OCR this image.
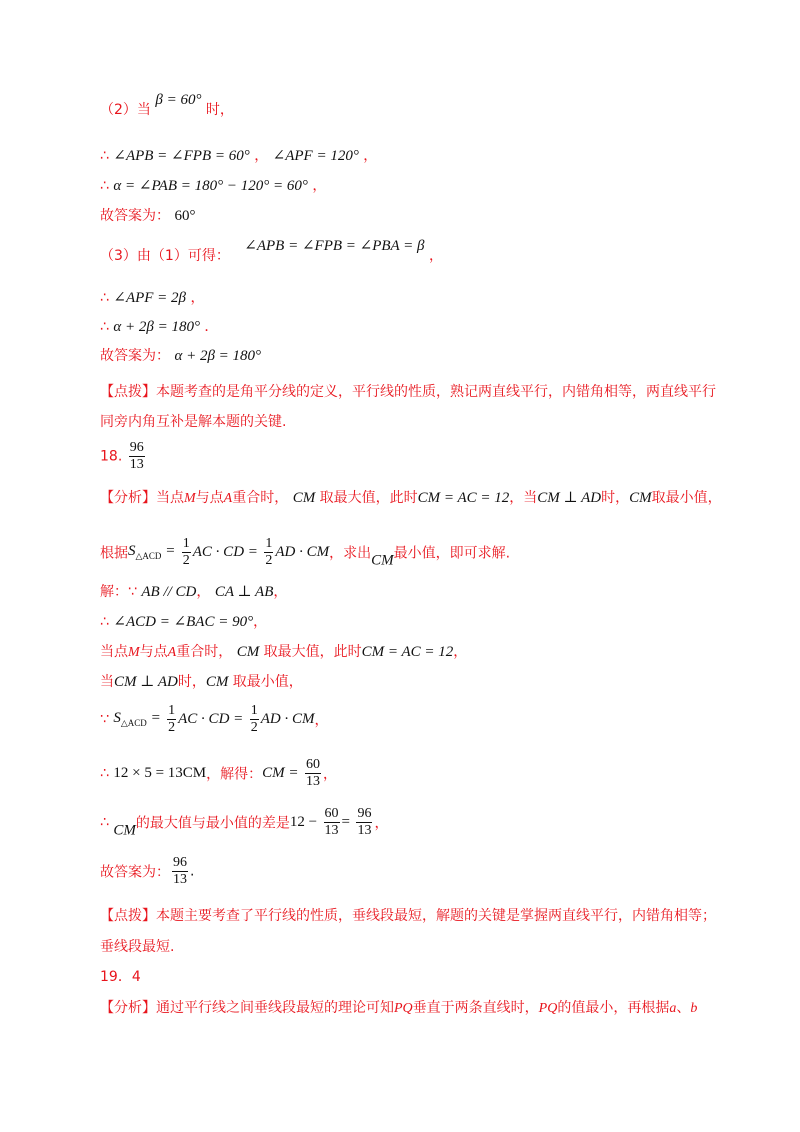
（2）当 β = 60° 时，
∴ ∠APB = ∠FPB = 60° ， ∠APF = 120° ，
∴ α = ∠PAB = 180° − 120° = 60° ，
故答案为： 60°
（3）由（1）可得： ∠APB = ∠FPB = ∠PBA = β ，
∴ ∠APF = 2β ，
∴ α + 2β = 180° ．
故答案为： α + 2β = 180°
【点拨】本题考查的是角平分线的定义，平行线的性质，熟记两直线平行，内错角相等，两直线平行
同旁内角互补是解本题的关键.
18. $\frac{96}{13}$
【分析】当点M与点A重合时， CM 取最大值，此时CM = AC = 12，当CM ⊥ AD时，CM取最小值，
根据$S_{\triangle ACD} = \frac{1}{2}$ AC · CD = $\frac{1}{2}$ AD · CM，求出CM最小值，即可求解.
解：∵ AB // CD， CA ⊥ AB，
∴ ∠ACD = ∠BAC = 90°，
当点M与点A重合时， CM 取最大值，此时CM = AC = 12，
当CM ⊥ AD时，CM 取最小值，
∵ $S_{\triangle ACD} = \frac{1}{2}$ AC · CD = $\frac{1}{2}$ AD · CM，
∴ 12 × 5 = 13CM，解得：CM = $\frac{60}{13}$ ，
∴ CM的最大值与最小值的差是$12 - \frac{60}{13} = \frac{96}{13}$ ，
故答案为： $\frac{96}{13}$ .
【点拨】本题主要考查了平行线的性质，垂线段最短，解题的关键是掌握两直线平行，内错角相等；
垂线段最短.
19．4
【分析】通过平行线之间垂线段最短的理论可知PQ垂直于两条直线时，PQ的值最小，再根据a、b
